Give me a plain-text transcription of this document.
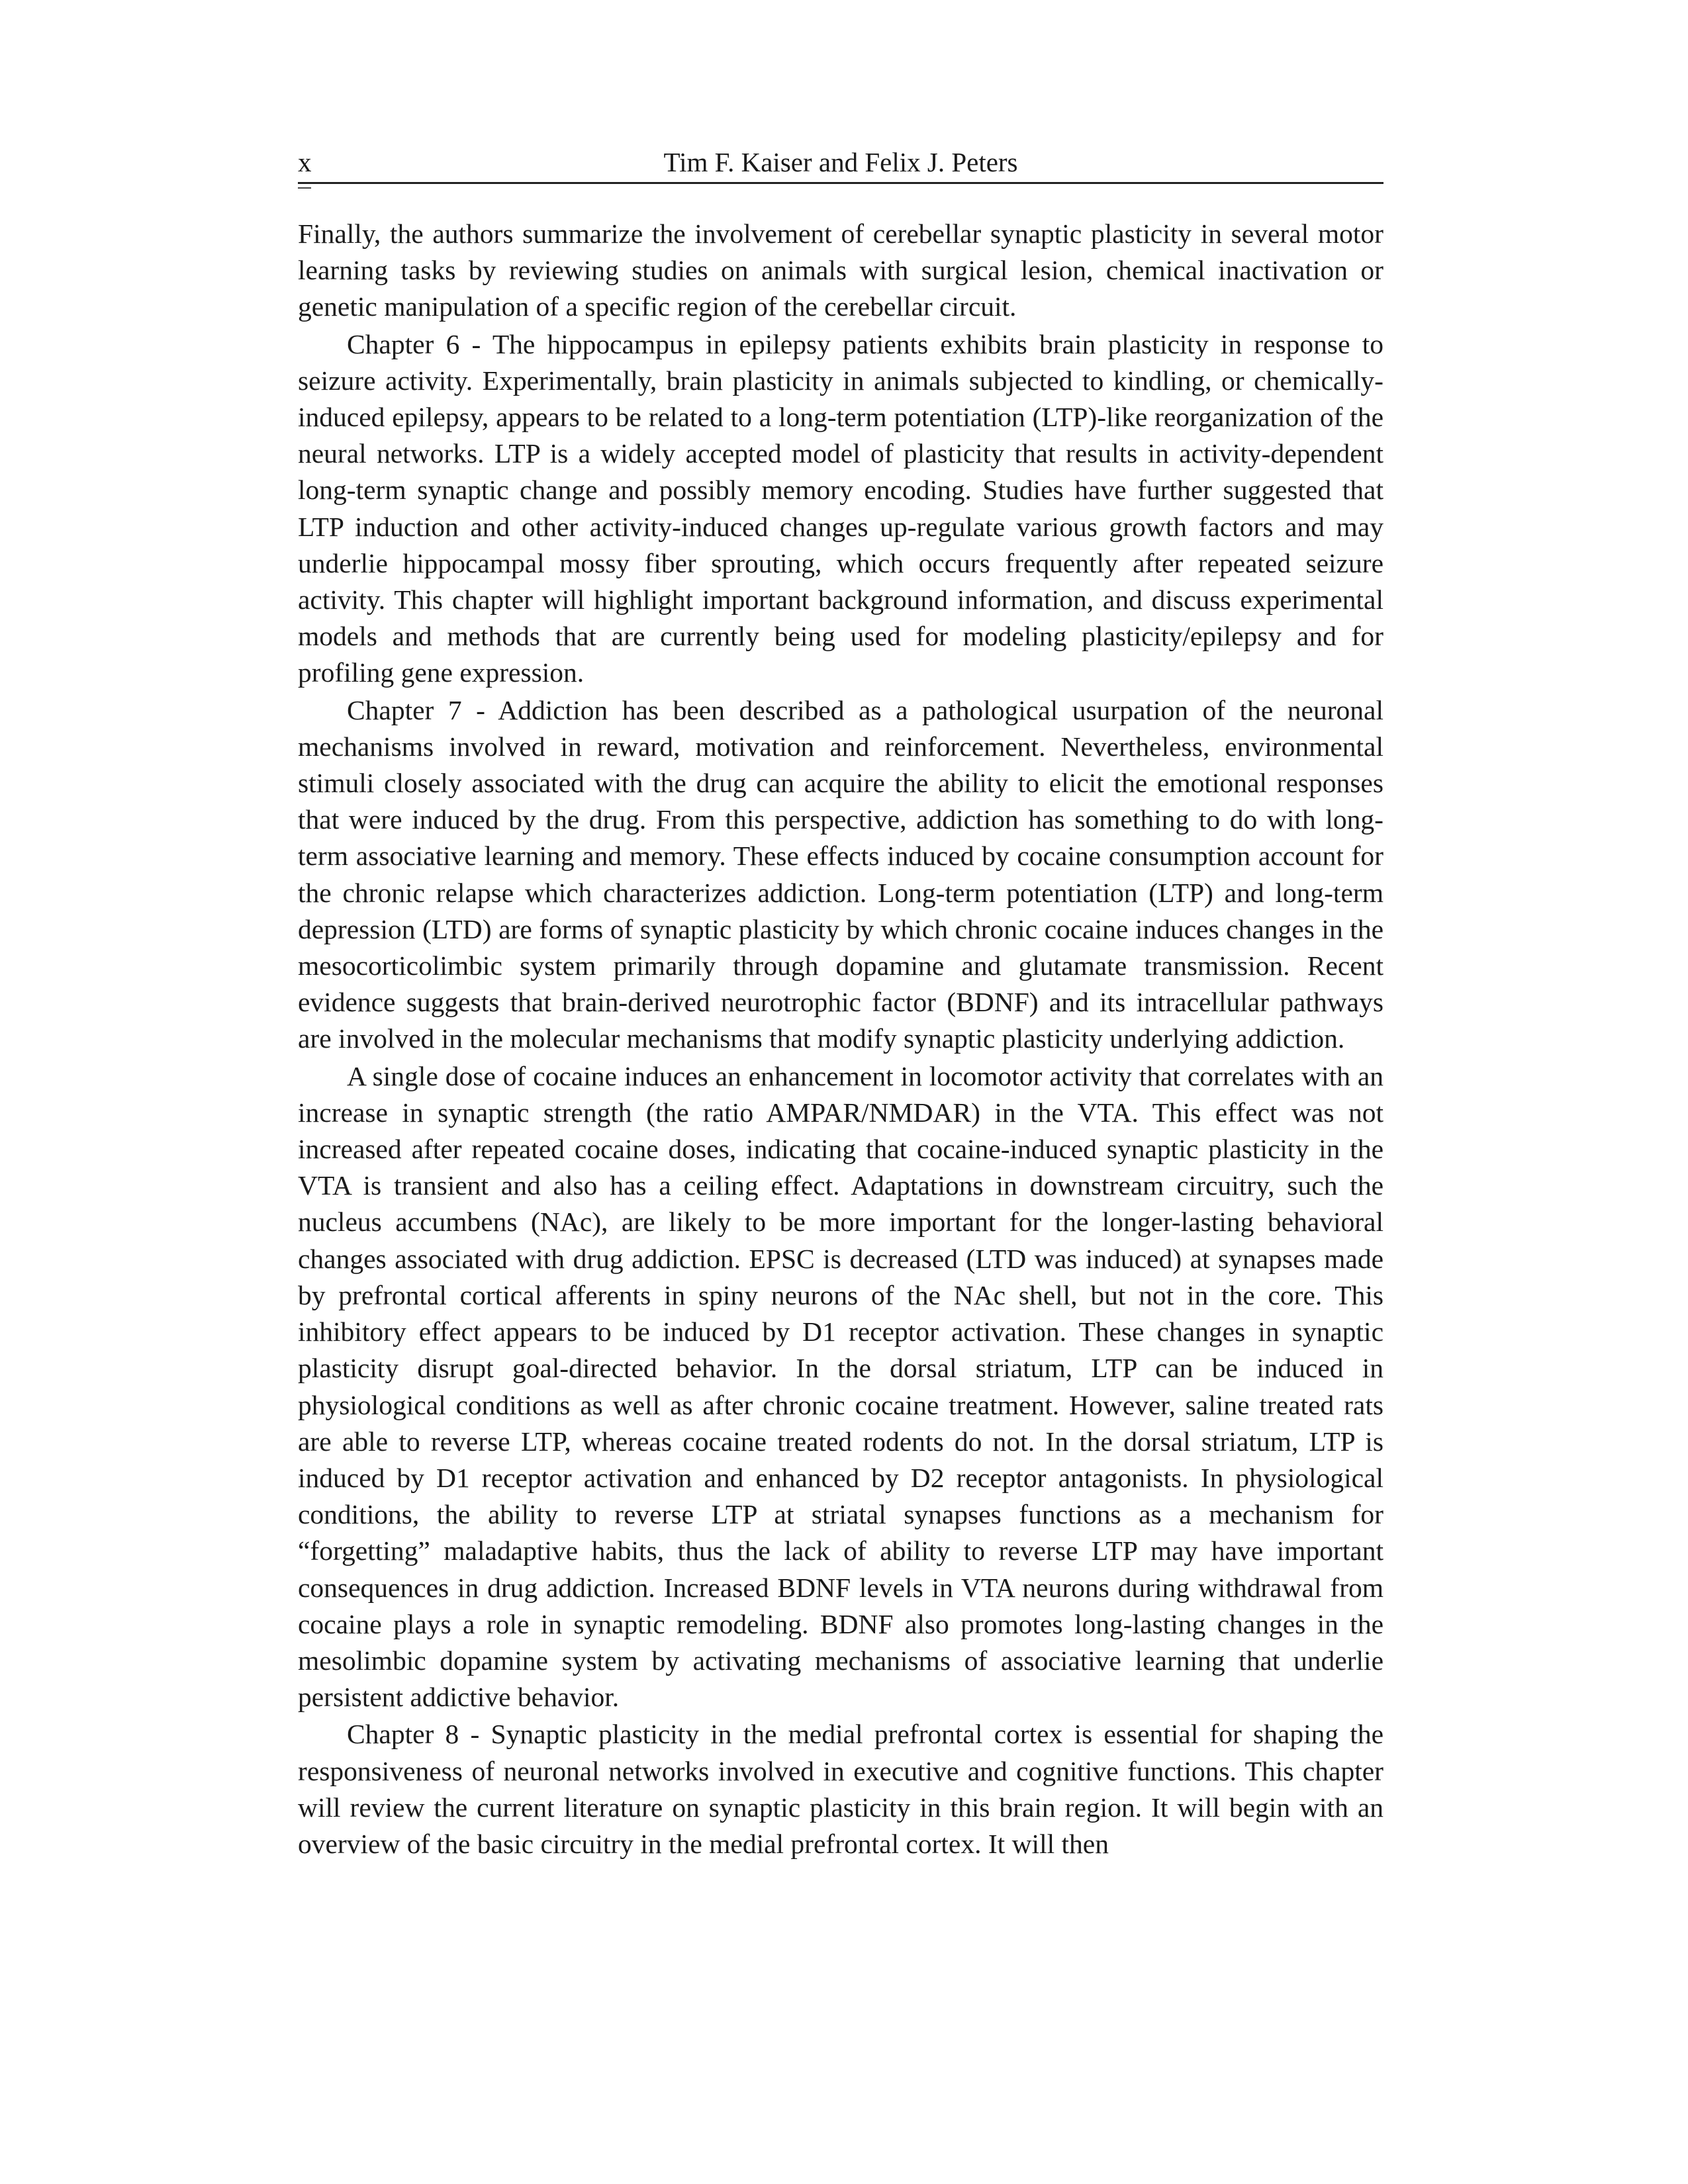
x	Tim F. Kaiser and Felix J. Peters

Finally, the authors summarize the involvement of cerebellar synaptic plasticity in several motor learning tasks by reviewing studies on animals with surgical lesion, chemical inactivation or genetic manipulation of a specific region of the cerebellar circuit.

Chapter 6 - The hippocampus in epilepsy patients exhibits brain plasticity in response to seizure activity. Experimentally, brain plasticity in animals subjected to kindling, or chemically-induced epilepsy, appears to be related to a long-term potentiation (LTP)-like reorganization of the neural networks. LTP is a widely accepted model of plasticity that results in activity-dependent long-term synaptic change and possibly memory encoding. Studies have further suggested that LTP induction and other activity-induced changes up-regulate various growth factors and may underlie hippocampal mossy fiber sprouting, which occurs frequently after repeated seizure activity. This chapter will highlight important background information, and discuss experimental models and methods that are currently being used for modeling plasticity/epilepsy and for profiling gene expression.

Chapter 7 - Addiction has been described as a pathological usurpation of the neuronal mechanisms involved in reward, motivation and reinforcement. Nevertheless, environmental stimuli closely associated with the drug can acquire the ability to elicit the emotional responses that were induced by the drug. From this perspective, addiction has something to do with long-term associative learning and memory. These effects induced by cocaine consumption account for the chronic relapse which characterizes addiction. Long-term potentiation (LTP) and long-term depression (LTD) are forms of synaptic plasticity by which chronic cocaine induces changes in the mesocorticolimbic system primarily through dopamine and glutamate transmission. Recent evidence suggests that brain-derived neurotrophic factor (BDNF) and its intracellular pathways are involved in the molecular mechanisms that modify synaptic plasticity underlying addiction.

A single dose of cocaine induces an enhancement in locomotor activity that correlates with an increase in synaptic strength (the ratio AMPAR/NMDAR) in the VTA. This effect was not increased after repeated cocaine doses, indicating that cocaine-induced synaptic plasticity in the VTA is transient and also has a ceiling effect. Adaptations in downstream circuitry, such the nucleus accumbens (NAc), are likely to be more important for the longer-lasting behavioral changes associated with drug addiction. EPSC is decreased (LTD was induced) at synapses made by prefrontal cortical afferents in spiny neurons of the NAc shell, but not in the core. This inhibitory effect appears to be induced by D1 receptor activation. These changes in synaptic plasticity disrupt goal-directed behavior. In the dorsal striatum, LTP can be induced in physiological conditions as well as after chronic cocaine treatment. However, saline treated rats are able to reverse LTP, whereas cocaine treated rodents do not. In the dorsal striatum, LTP is induced by D1 receptor activation and enhanced by D2 receptor antagonists. In physiological conditions, the ability to reverse LTP at striatal synapses functions as a mechanism for “forgetting” maladaptive habits, thus the lack of ability to reverse LTP may have important consequences in drug addiction. Increased BDNF levels in VTA neurons during withdrawal from cocaine plays a role in synaptic remodeling. BDNF also promotes long-lasting changes in the mesolimbic dopamine system by activating mechanisms of associative learning that underlie persistent addictive behavior.

Chapter 8 - Synaptic plasticity in the medial prefrontal cortex is essential for shaping the responsiveness of neuronal networks involved in executive and cognitive functions. This chapter will review the current literature on synaptic plasticity in this brain region. It will begin with an overview of the basic circuitry in the medial prefrontal cortex. It will then
